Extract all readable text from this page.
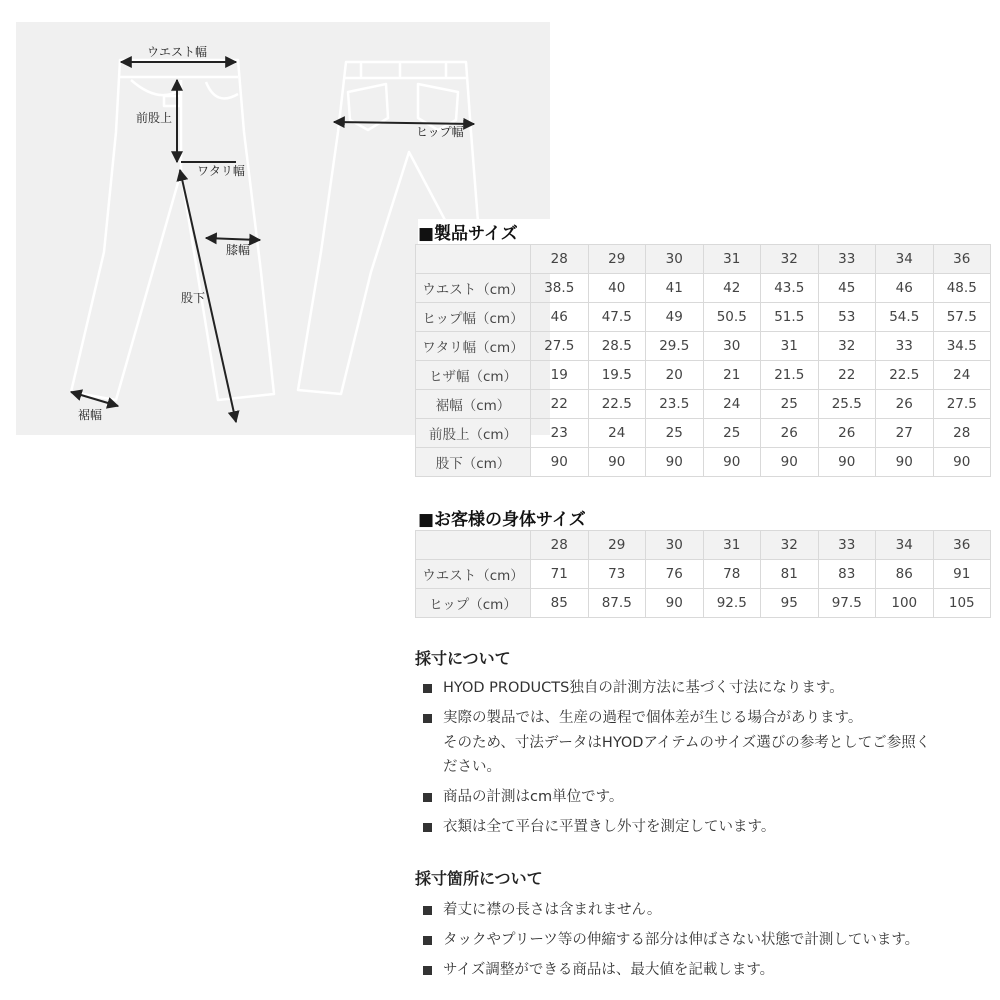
ウエスト幅
前股上
ワタリ幅
膝幅
股下
裾幅
ヒップ幅
■製品サイズ
	28	29	30	31	32	33	34	36
ウエスト（cm）	38.5	40	41	42	43.5	45	46	48.5
ヒップ幅（cm）	46	47.5	49	50.5	51.5	53	54.5	57.5
ワタリ幅（cm）	27.5	28.5	29.5	30	31	32	33	34.5
ヒザ幅（cm）	19	19.5	20	21	21.5	22	22.5	24
裾幅（cm）	22	22.5	23.5	24	25	25.5	26	27.5
前股上（cm）	23	24	25	25	26	26	27	28
股下（cm）	90	90	90	90	90	90	90	90
■お客様の身体サイズ
	28	29	30	31	32	33	34	36
ウエスト（cm）	71	73	76	78	81	83	86	91
ヒップ（cm）	85	87.5	90	92.5	95	97.5	100	105
採寸について
HYOD PRODUCTS独自の計測方法に基づく寸法になります。
実際の製品では、生産の過程で個体差が生じる場合があります。
そのため、寸法データはHYODアイテムのサイズ選びの参考としてご参照く
ださい。
商品の計測はcm単位です。
衣類は全て平台に平置きし外寸を測定しています。
採寸箇所について
着丈に襟の長さは含まれません。
タックやプリーツ等の伸縮する部分は伸ばさない状態で計測しています。
サイズ調整ができる商品は、最大値を記載します。
